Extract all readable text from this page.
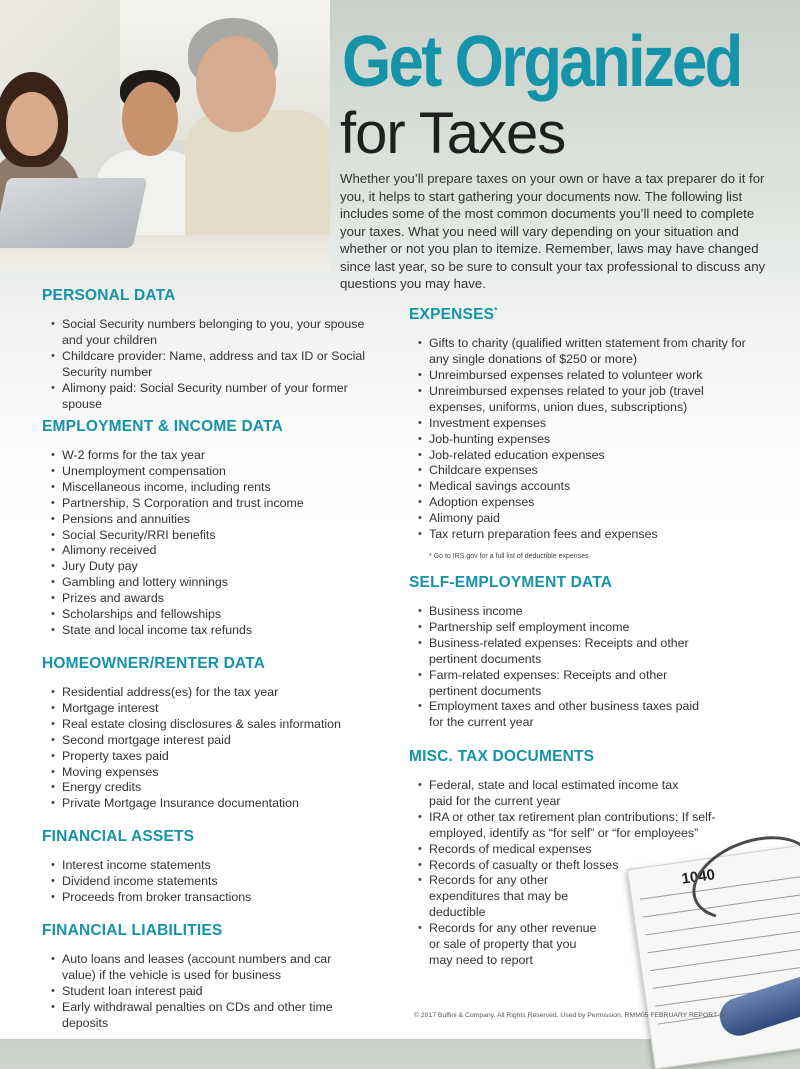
Get Organized
for Taxes

Whether you’ll prepare taxes on your own or have a tax preparer do it for you, it helps to start gathering your documents now. The following list includes some of the most common documents you’ll need to complete your taxes. What you need will vary depending on your situation and whether or not you plan to itemize. Remember, laws may have changed since last year, so be sure to consult your tax professional to discuss any questions you may have.

PERSONAL DATA
• Social Security numbers belonging to you, your spouse and your children
• Childcare provider: Name, address and tax ID or Social Security number
• Alimony paid: Social Security number of your former spouse
EMPLOYMENT & INCOME DATA
• W-2 forms for the tax year
• Unemployment compensation
• Miscellaneous income, including rents
• Partnership, S Corporation and trust income
• Pensions and annuities
• Social Security/RRI benefits
• Alimony received
• Jury Duty pay
• Gambling and lottery winnings
• Prizes and awards
• Scholarships and fellowships
• State and local income tax refunds
HOMEOWNER/RENTER DATA
• Residential address(es) for the tax year
• Mortgage interest
• Real estate closing disclosures & sales information
• Second mortgage interest paid
• Property taxes paid
• Moving expenses
• Energy credits
• Private Mortgage Insurance documentation
FINANCIAL ASSETS
• Interest income statements
• Dividend income statements
• Proceeds from broker transactions
FINANCIAL LIABILITIES
• Auto loans and leases (account numbers and car value) if the vehicle is used for business
• Student loan interest paid
• Early withdrawal penalties on CDs and other time deposits
EXPENSES*
• Gifts to charity (qualified written statement from charity for any single donations of $250 or more)
• Unreimbursed expenses related to volunteer work
• Unreimbursed expenses related to your job (travel expenses, uniforms, union dues, subscriptions)
• Investment expenses
• Job-hunting expenses
• Job-related education expenses
• Childcare expenses
• Medical savings accounts
• Adoption expenses
• Alimony paid
• Tax return preparation fees and expenses
* Go to IRS.gov for a full list of deductible expenses
SELF-EMPLOYMENT DATA
• Business income
• Partnership self employment income
• Business-related expenses: Receipts and other pertinent documents
• Farm-related expenses: Receipts and other pertinent documents
• Employment taxes and other business taxes paid for the current year
1040
MISC. TAX DOCUMENTS
• Federal, state and local estimated income tax paid for the current year
• IRA or other tax retirement plan contributions: If self-employed, identify as “for self” or “for employees”
• Records of medical expenses
• Records of casualty or theft losses
• Records for any other expenditures that may be deductible
• Records for any other revenue or sale of property that you may need to report
© 2017 Buffini & Company. All Rights Reserved. Used by Permission. RMM05 FEBRUARY REPORT S
